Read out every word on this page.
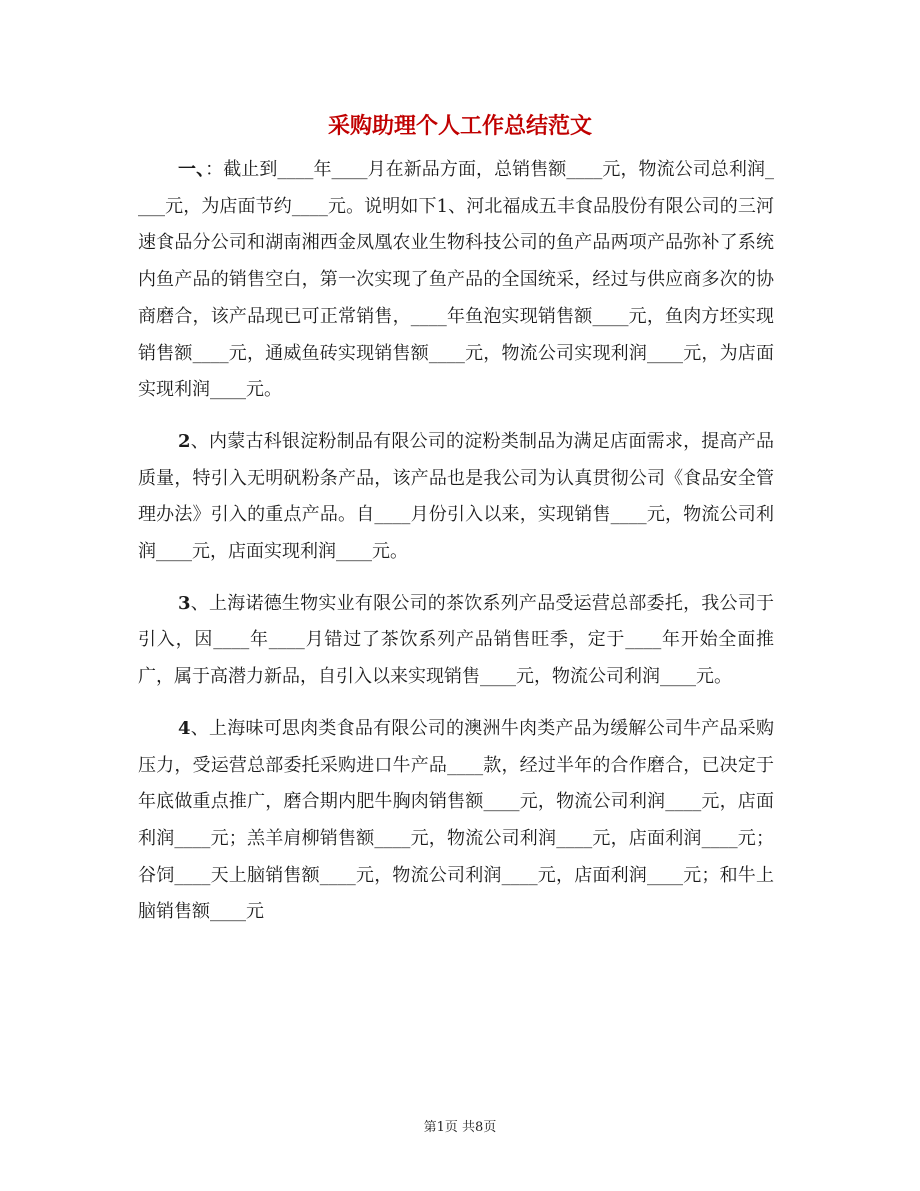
采购助理个人工作总结范文

一、：截止到____年____月在新品方面，总销售额____元，物流公司总利润____元，为店面节约____元。说明如下1、河北福成五丰食品股份有限公司的三河速食品分公司和湖南湘西金凤凰农业生物科技公司的鱼产品两项产品弥补了系统内鱼产品的销售空白，第一次实现了鱼产品的全国统采，经过与供应商多次的协商磨合，该产品现已可正常销售，____年鱼泡实现销售额____元，鱼肉方坯实现销售额____元，通威鱼砖实现销售额____元，物流公司实现利润____元，为店面实现利润____元。

2、内蒙古科银淀粉制品有限公司的淀粉类制品为满足店面需求，提高产品质量，特引入无明矾粉条产品，该产品也是我公司为认真贯彻公司《食品安全管理办法》引入的重点产品。自____月份引入以来，实现销售____元，物流公司利润____元，店面实现利润____元。

3、上海诺德生物实业有限公司的茶饮系列产品受运营总部委托，我公司于引入，因____年____月错过了茶饮系列产品销售旺季，定于____年开始全面推广，属于高潜力新品，自引入以来实现销售____元，物流公司利润____元。

4、上海味可思肉类食品有限公司的澳洲牛肉类产品为缓解公司牛产品采购压力，受运营总部委托采购进口牛产品____款，经过半年的合作磨合，已决定于年底做重点推广，磨合期内肥牛胸肉销售额____元，物流公司利润____元，店面利润____元；羔羊肩柳销售额____元，物流公司利润____元，店面利润____元；谷饲____天上脑销售额____元，物流公司利润____元，店面利润____元；和牛上脑销售额____元

第1页 共8页
